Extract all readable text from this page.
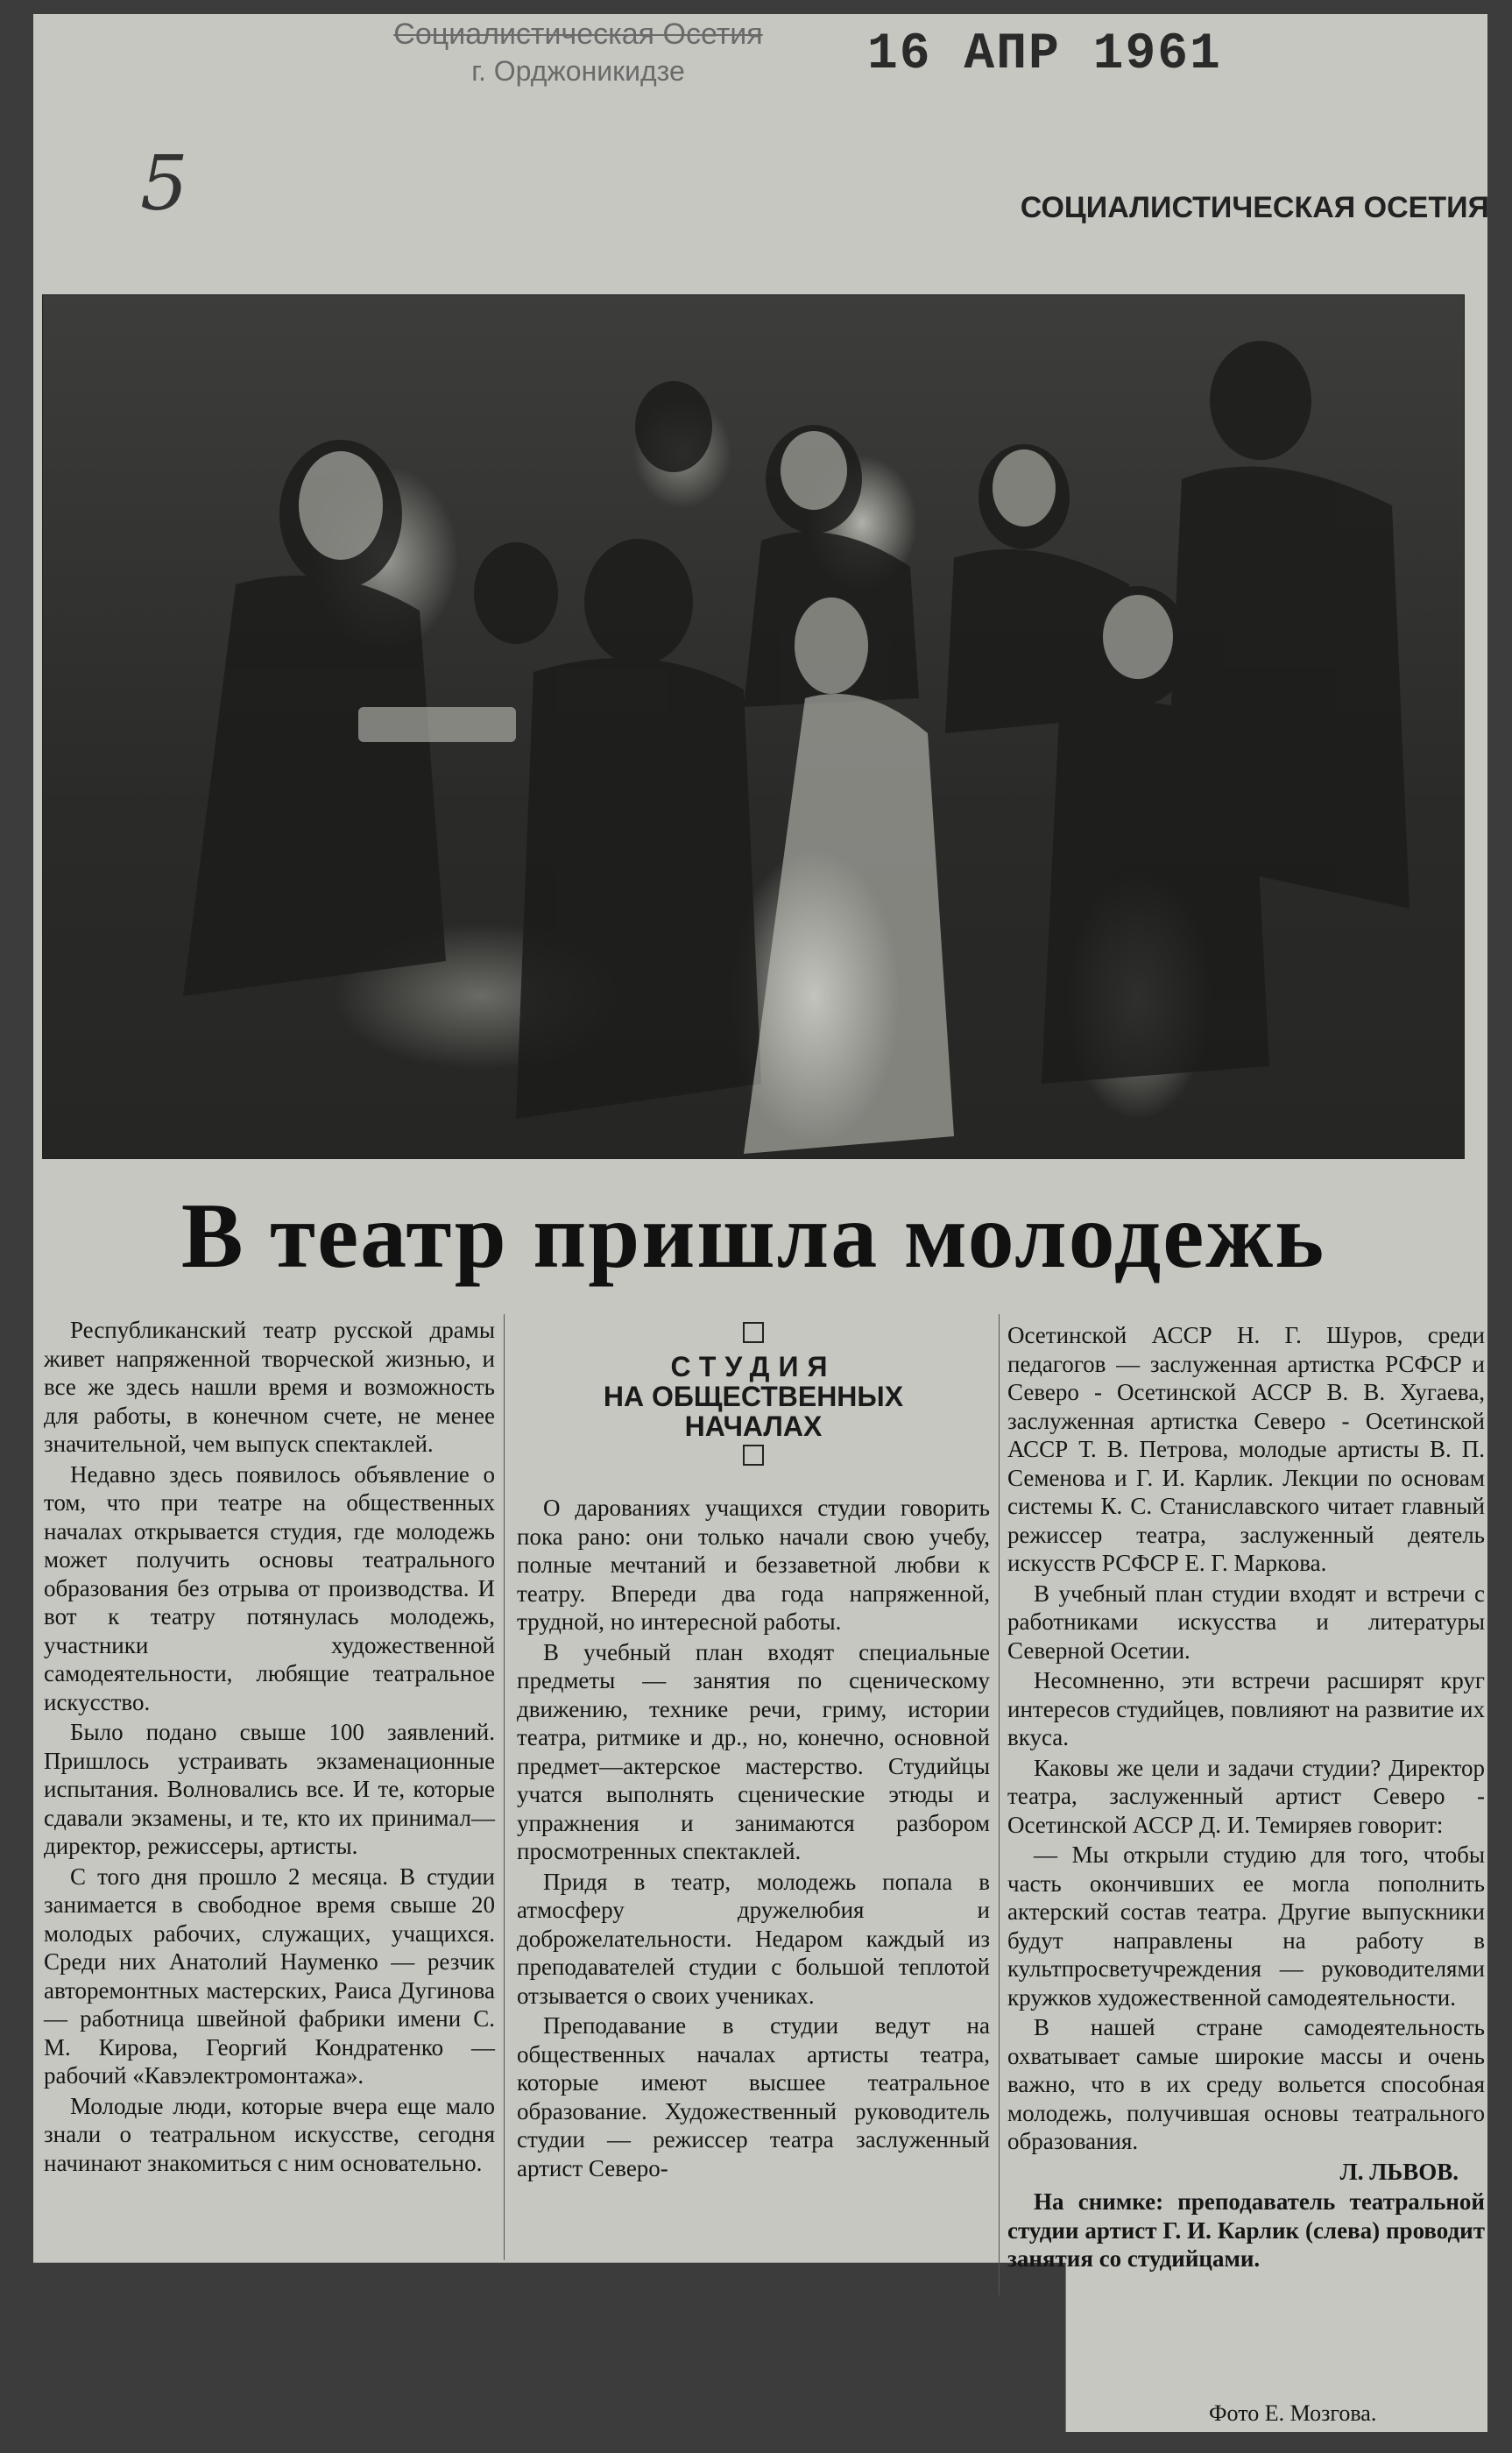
Социалистическая Осетия
г. Орджоникидзе	16 АПР 1961
5	СОЦИАЛИСТИЧЕСКАЯ ОСЕТИЯ
В театр пришла молодежь

Республиканский театр русской драмы живет напряженной творческой жизнью, и все же здесь нашли время и возможность для работы, в конечном счете, не менее значительной, чем выпуск спектаклей.

Недавно здесь появилось объявление о том, что при театре на общественных началах открывается студия, где молодежь может получить основы театрального образования без отрыва от производства. И вот к театру потянулась молодежь, участники художественной самодеятельности, любящие театральное искусство.

Было подано свыше 100 заявлений. Пришлось устраивать экзаменационные испытания. Волновались все. И те, которые сдавали экзамены, и те, кто их принимал—директор, режиссеры, артисты.

С того дня прошло 2 месяца. В студии занимается в свободное время свыше 20 молодых рабочих, служащих, учащихся. Среди них Анатолий Науменко — резчик авторемонтных мастерских, Раиса Дугинова — работница швейной фабрики имени С. М. Кирова, Георгий Кондратенко — рабочий «Кавэлектромонтажа».

Молодые люди, которые вчера еще мало знали о театральном искусстве, сегодня начинают знакомиться с ним основательно.

СТУДИЯ
НА ОБЩЕСТВЕННЫХ
НАЧАЛАХ

О дарованиях учащихся студии говорить пока рано: они только начали свою учебу, полные мечтаний и беззаветной любви к театру. Впереди два года напряженной, трудной, но интересной работы.

В учебный план входят специальные предметы — занятия по сценическому движению, технике речи, гриму, истории театра, ритмике и др., но, конечно, основной предмет—актерское мастерство. Студийцы учатся выполнять сценические этюды и упражнения и занимаются разбором просмотренных спектаклей.

Придя в театр, молодежь попала в атмосферу дружелюбия и доброжелательности. Недаром каждый из преподавателей студии с большой теплотой отзывается о своих учениках.

Преподавание в студии ведут на общественных началах артисты театра, которые имеют высшее театральное образование. Художественный руководитель студии — режиссер театра заслуженный артист Северо-

Осетинской АССР Н. Г. Шуров, среди педагогов — заслуженная артистка РСФСР и Северо - Осетинской АССР В. В. Хугаева, заслуженная артистка Северо - Осетинской АССР Т. В. Петрова, молодые артисты В. П. Семенова и Г. И. Карлик. Лекции по основам системы К. С. Станиславского читает главный режиссер театра, заслуженный деятель искусств РСФСР Е. Г. Маркова.

В учебный план студии входят и встречи с работниками искусства и литературы Северной Осетии.

Несомненно, эти встречи расширят круг интересов студийцев, повлияют на развитие их вкуса.

Каковы же цели и задачи студии? Директор театра, заслуженный артист Северо - Осетинской АССР Д. И. Темиряев говорит:

— Мы открыли студию для того, чтобы часть окончивших ее могла пополнить актерский состав театра. Другие выпускники будут направлены на работу в культпросветучреждения — руководителями кружков художественной самодеятельности.

В нашей стране самодеятельность охватывает самые широкие массы и очень важно, что в их среду вольется способная молодежь, получившая основы театрального образования.

Л. ЛЬВОВ.

На снимке: преподаватель театральной студии артист Г. И. Карлик (слева) проводит занятия со студийцами.

Фото Е. Мозгова.
